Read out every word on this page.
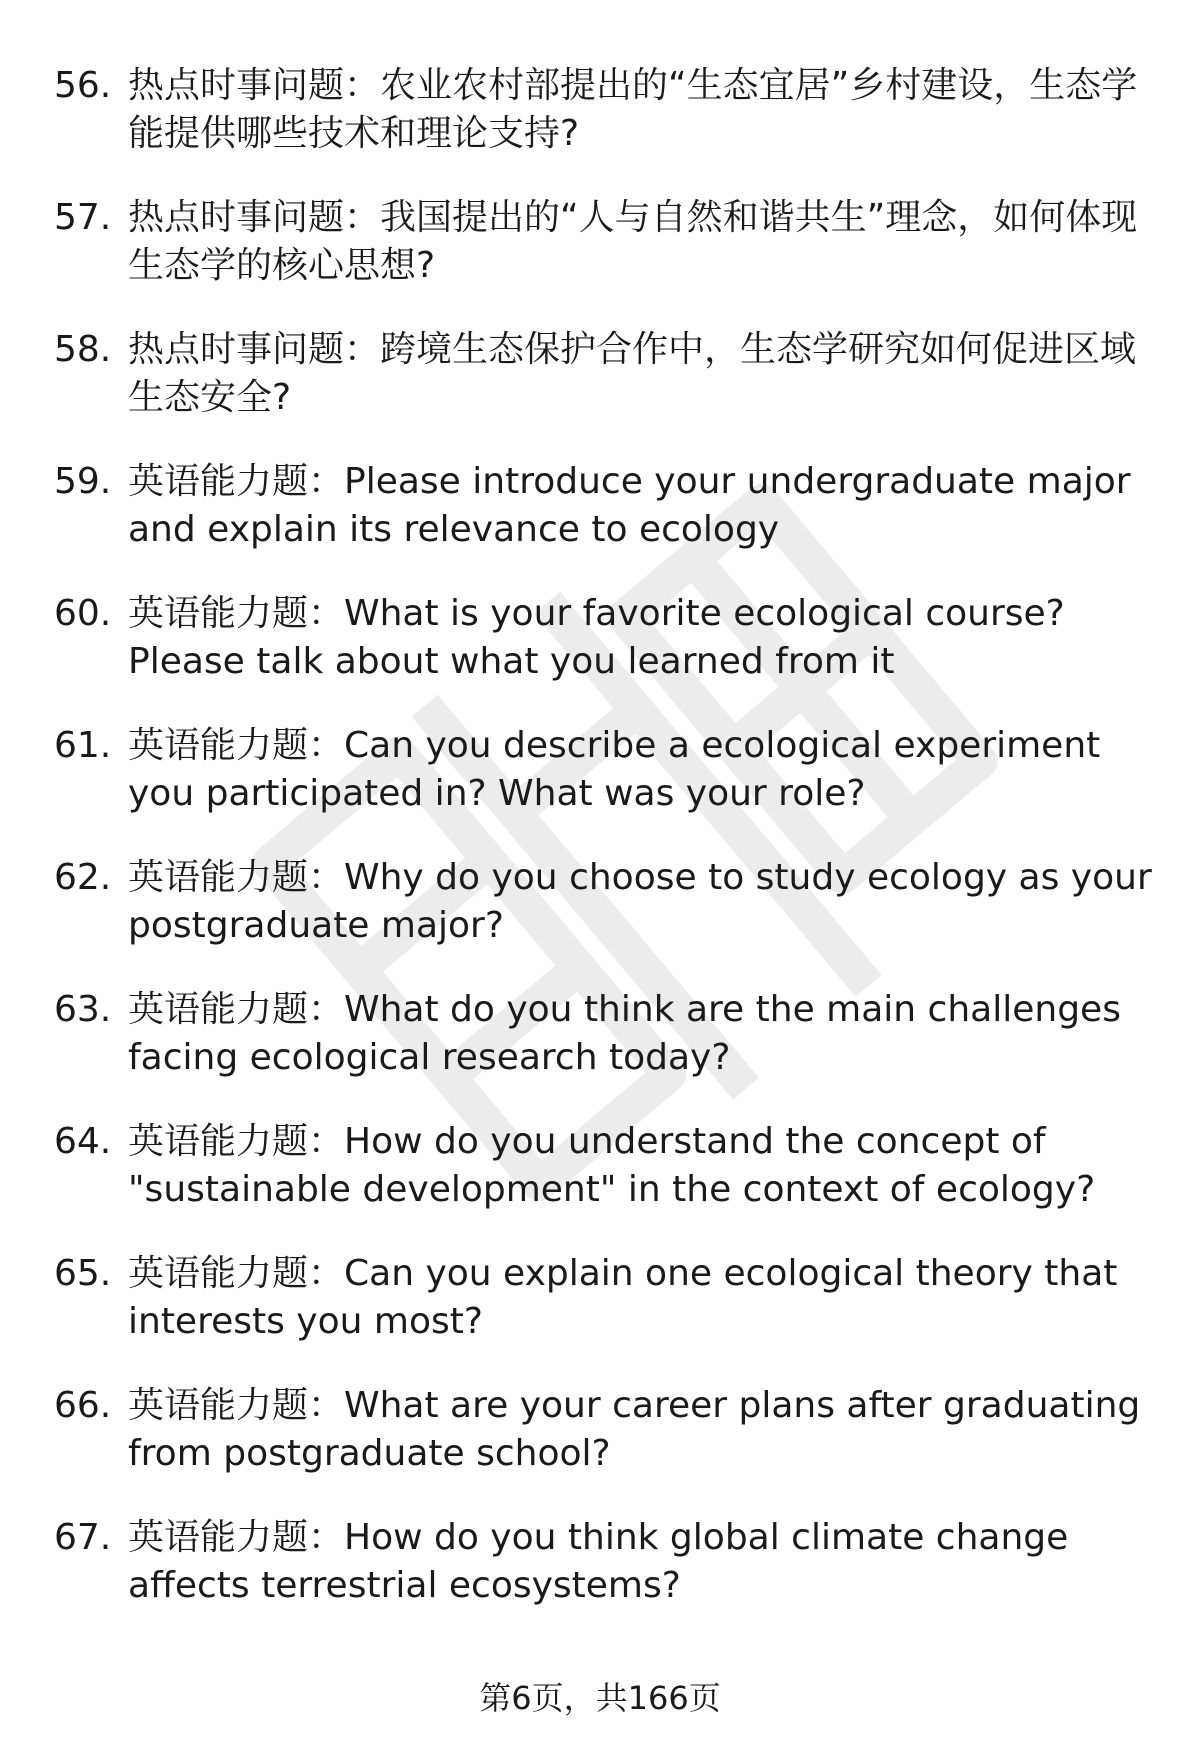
56. 热点时事问题：农业农村部提出的“生态宜居”乡村建设，生态学能提供哪些技术和理论支持?
57. 热点时事问题：我国提出的“人与自然和谐共生”理念，如何体现生态学的核心思想?
58. 热点时事问题：跨境生态保护合作中，生态学研究如何促进区域生态安全?
59. 英语能力题：Please introduce your undergraduate major and explain its relevance to ecology
60. 英语能力题：What is your favorite ecological course? Please talk about what you learned from it
61. 英语能力题：Can you describe a ecological experiment you participated in? What was your role?
62. 英语能力题：Why do you choose to study ecology as your postgraduate major?
63. 英语能力题：What do you think are the main challenges facing ecological research today?
64. 英语能力题：How do you understand the concept of "sustainable development" in the context of ecology?
65. 英语能力题：Can you explain one ecological theory that interests you most?
66. 英语能力题：What are your career plans after graduating from postgraduate school?
67. 英语能力题：How do you think global climate change affects terrestrial ecosystems?
第6页，共166页
